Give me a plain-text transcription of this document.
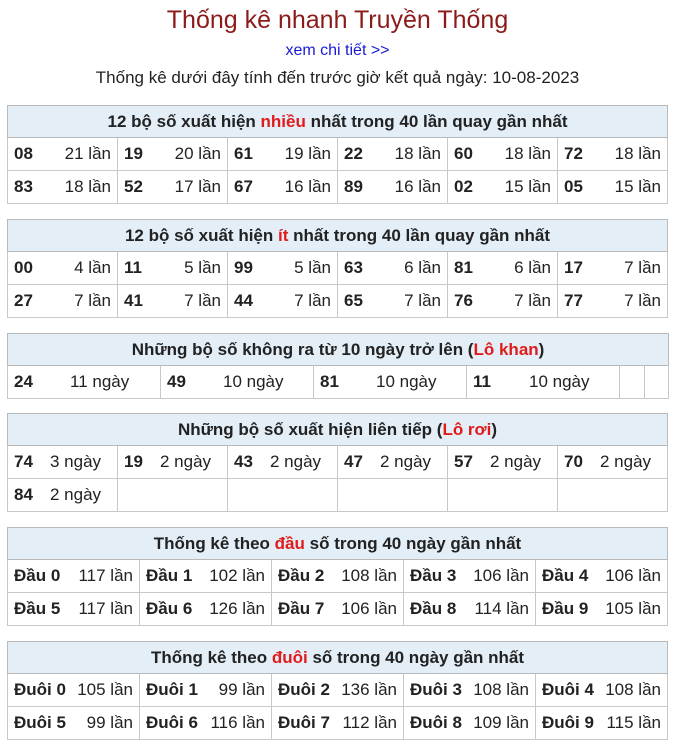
Thống kê nhanh Truyền Thống
xem chi tiết >>
Thống kê dưới đây tính đến trước giờ kết quả ngày: 10-08-2023
12 bộ số xuất hiện nhiều nhất trong 40 lần quay gần nhất					
08 21 lần	19 20 lần	61 19 lần	22 18 lần	60 18 lần	72 18 lần

83 18 lần	52 17 lần	67 16 lần	89 16 lần	02 15 lần	05 15 lần
12 bộ số xuất hiện ít nhất trong 40 lần quay gần nhất					
00 4 lần	11 5 lần	99 5 lần	63 6 lần	81 6 lần	17 7 lần

27 7 lần	41 7 lần	44 7 lần	65 7 lần	76 7 lần	77 7 lần
Những bộ số không ra từ 10 ngày trở lên (Lô khan)
24 11 ngày	49 10 ngày	81 10 ngày	11 10 ngày		
Những bộ số xuất hiện liên tiếp (Lô rơi)					
74 3 ngày	19 2 ngày	43 2 ngày	47 2 ngày	57 2 ngày	70 2 ngày
84 2 ngày					
Thống kê theo đầu số trong 40 ngày gần nhất				
Đầu 0 117 lần	Đầu 1 102 lần	Đầu 2 108 lần	Đầu 3 106 lần	Đầu 4 106 lần

Đầu 5 117 lần	Đầu 6 126 lần	Đầu 7 106 lần	Đầu 8 114 lần	Đầu 9 105 lần
Thống kê theo đuôi số trong 40 ngày gần nhất				
Đuôi 0 105 lần	Đuôi 1 99 lần	Đuôi 2 136 lần	Đuôi 3 108 lần	Đuôi 4 108 lần

Đuôi 5 99 lần	Đuôi 6 116 lần	Đuôi 7 112 lần	Đuôi 8 109 lần	Đuôi 9 115 lần
